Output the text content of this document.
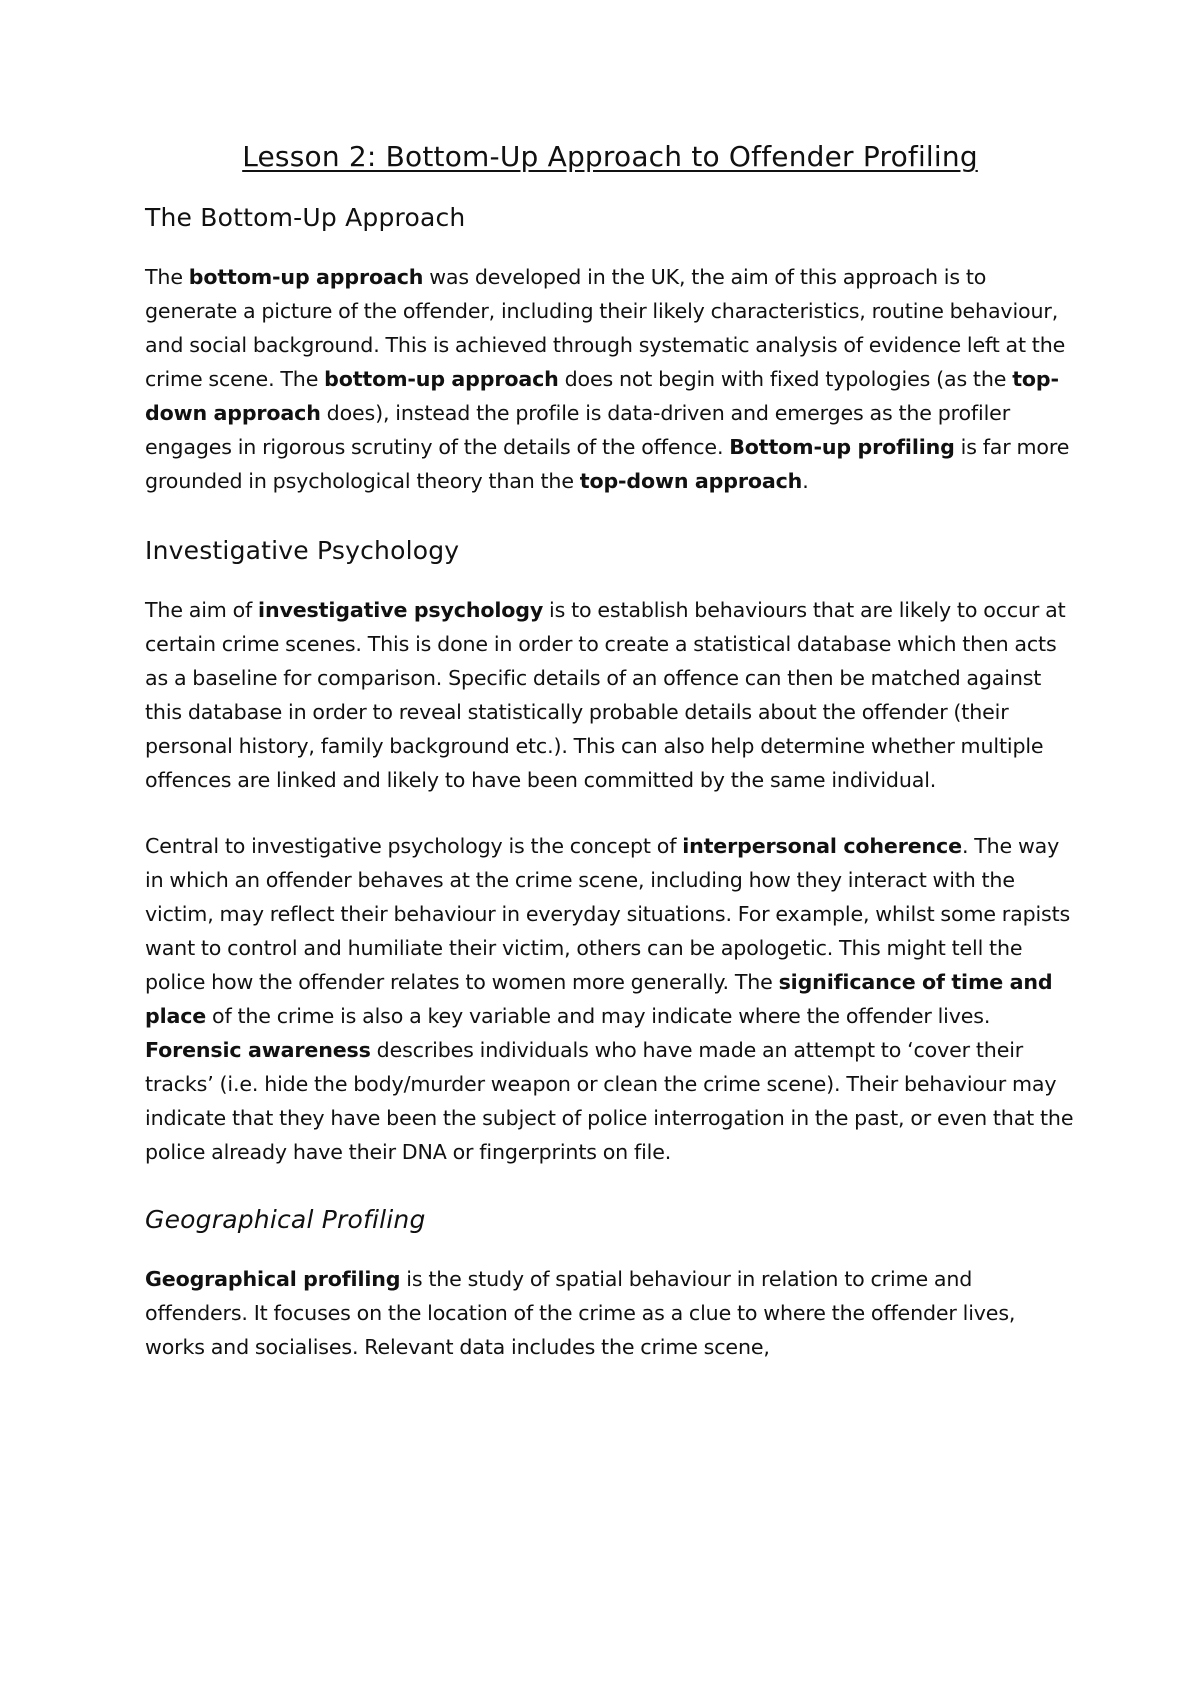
Lesson 2: Bottom-Up Approach to Offender Profiling
The Bottom-Up Approach

The bottom-up approach was developed in the UK, the aim of this approach is to generate a picture of the offender, including their likely characteristics, routine behaviour, and social background. This is achieved through systematic analysis of evidence left at the crime scene. The bottom-up approach does not begin with fixed typologies (as the top-down approach does), instead the profile is data-driven and emerges as the profiler engages in rigorous scrutiny of the details of the offence. Bottom-up profiling is far more grounded in psychological theory than the top-down approach.

Investigative Psychology

The aim of investigative psychology is to establish behaviours that are likely to occur at certain crime scenes. This is done in order to create a statistical database which then acts as a baseline for comparison. Specific details of an offence can then be matched against this database in order to reveal statistically probable details about the offender (their personal history, family background etc.). This can also help determine whether multiple offences are linked and likely to have been committed by the same individual.

Central to investigative psychology is the concept of interpersonal coherence. The way in which an offender behaves at the crime scene, including how they interact with the victim, may reflect their behaviour in everyday situations. For example, whilst some rapists want to control and humiliate their victim, others can be apologetic. This might tell the police how the offender relates to women more generally. The significance of time and place of the crime is also a key variable and may indicate where the offender lives. Forensic awareness describes individuals who have made an attempt to ‘cover their tracks’ (i.e. hide the body/murder weapon or clean the crime scene). Their behaviour may indicate that they have been the subject of police interrogation in the past, or even that the police already have their DNA or fingerprints on file.

Geographical Profiling

Geographical profiling is the study of spatial behaviour in relation to crime and offenders. It focuses on the location of the crime as a clue to where the offender lives, works and socialises. Relevant data includes the crime scene,
